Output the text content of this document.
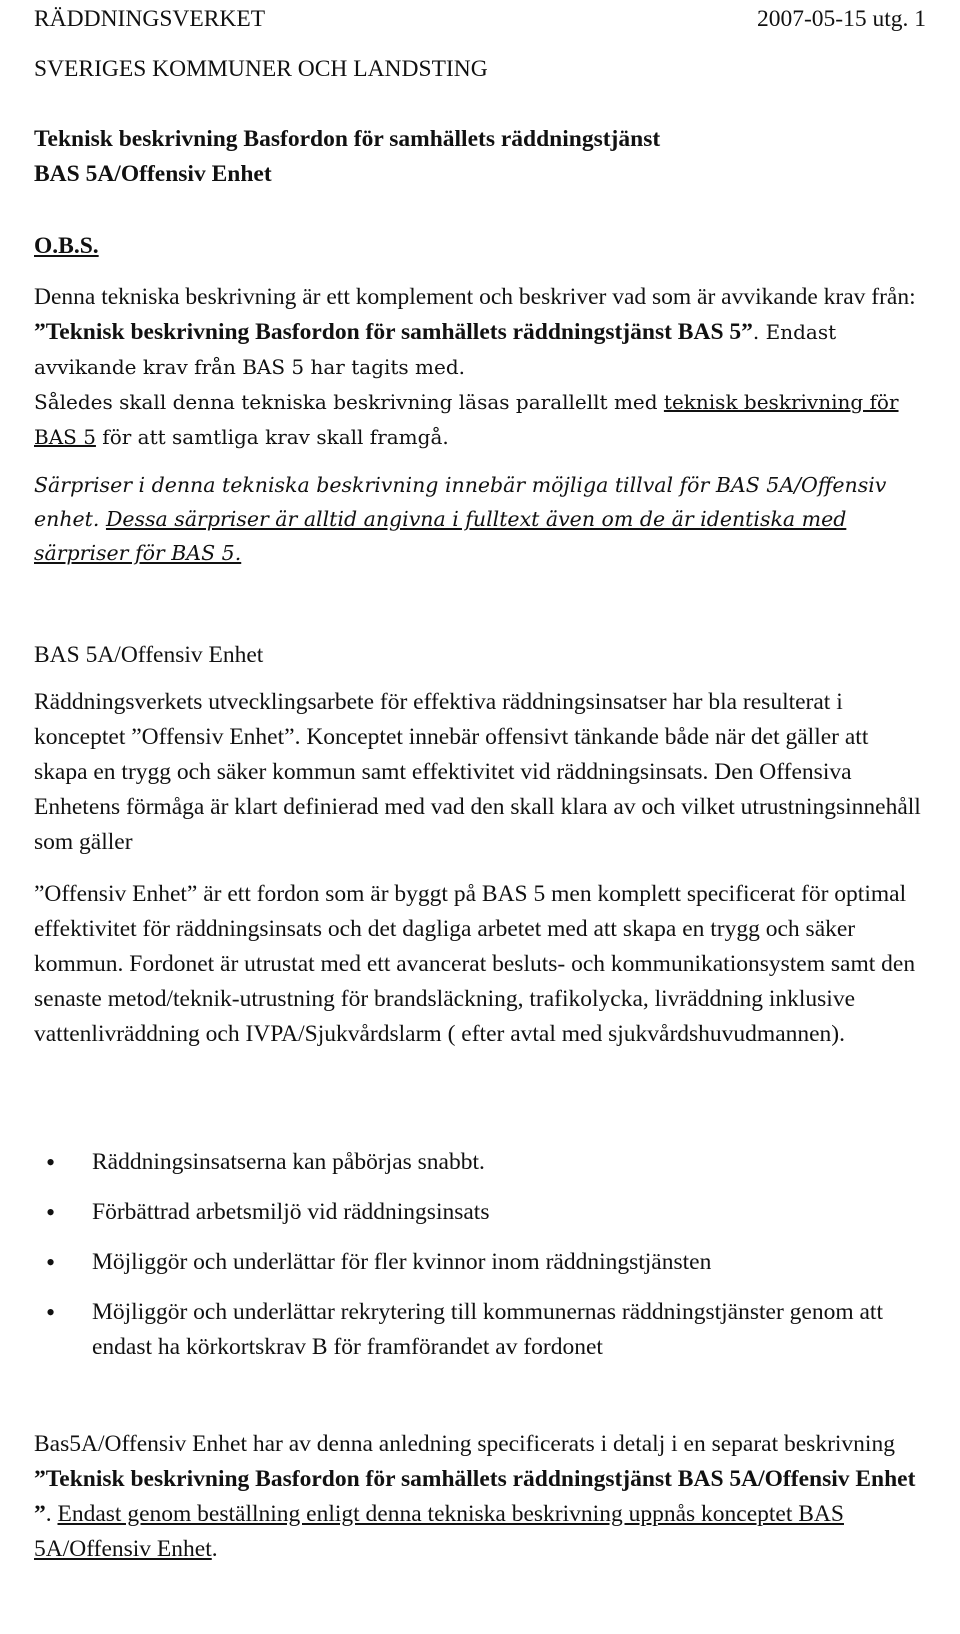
RÄDDNINGSVERKET	2007-05-15 utg. 1
SVERIGES KOMMUNER OCH LANDSTING
Teknisk beskrivning Basfordon för samhällets räddningstjänst
BAS 5A/Offensiv Enhet
O.B.S.

Denna tekniska beskrivning är ett komplement och beskriver vad som är avvikande krav från: ”Teknisk beskrivning Basfordon för samhällets räddningstjänst BAS 5”. Endast avvikande krav från BAS 5 har tagits med.

Således skall denna tekniska beskrivning läsas parallellt med teknisk beskrivning för BAS 5 för att samtliga krav skall framgå.

Särpriser i denna tekniska beskrivning innebär möjliga tillval för BAS 5A/Offensiv enhet. Dessa särpriser är alltid angivna i fulltext även om de är identiska med särpriser för BAS 5.

BAS 5A/Offensiv Enhet

Räddningsverkets utvecklingsarbete för effektiva räddningsinsatser har bla resulterat i konceptet ”Offensiv Enhet”. Konceptet innebär offensivt tänkande både när det gäller att skapa en trygg och säker kommun samt effektivitet vid räddningsinsats. Den Offensiva Enhetens förmåga är klart definierad med vad den skall klara av och vilket utrustningsinnehåll som gäller

”Offensiv Enhet” är ett fordon som är byggt på BAS 5 men komplett specificerat för optimal effektivitet för räddningsinsats och det dagliga arbetet med att skapa en trygg och säker kommun. Fordonet är utrustat med ett avancerat besluts- och kommunikationsystem samt den senaste metod/teknik-utrustning för brandsläckning, trafikolycka, livräddning inklusive vattenlivräddning och IVPA/Sjukvårdslarm ( efter avtal med sjukvårdshuvudmannen).

• Räddningsinsatserna kan påbörjas snabbt.
• Förbättrad arbetsmiljö vid räddningsinsats
• Möjliggör och underlättar för fler kvinnor inom räddningstjänsten
• Möjliggör och underlättar rekrytering till kommunernas räddningstjänster genom att endast ha körkortskrav B för framförandet av fordonet

Bas5A/Offensiv Enhet har av denna anledning specificerats i detalj i en separat beskrivning ”Teknisk beskrivning Basfordon för samhällets räddningstjänst BAS 5A/Offensiv Enhet ”. Endast genom beställning enligt denna tekniska beskrivning uppnås konceptet BAS 5A/Offensiv Enhet.
